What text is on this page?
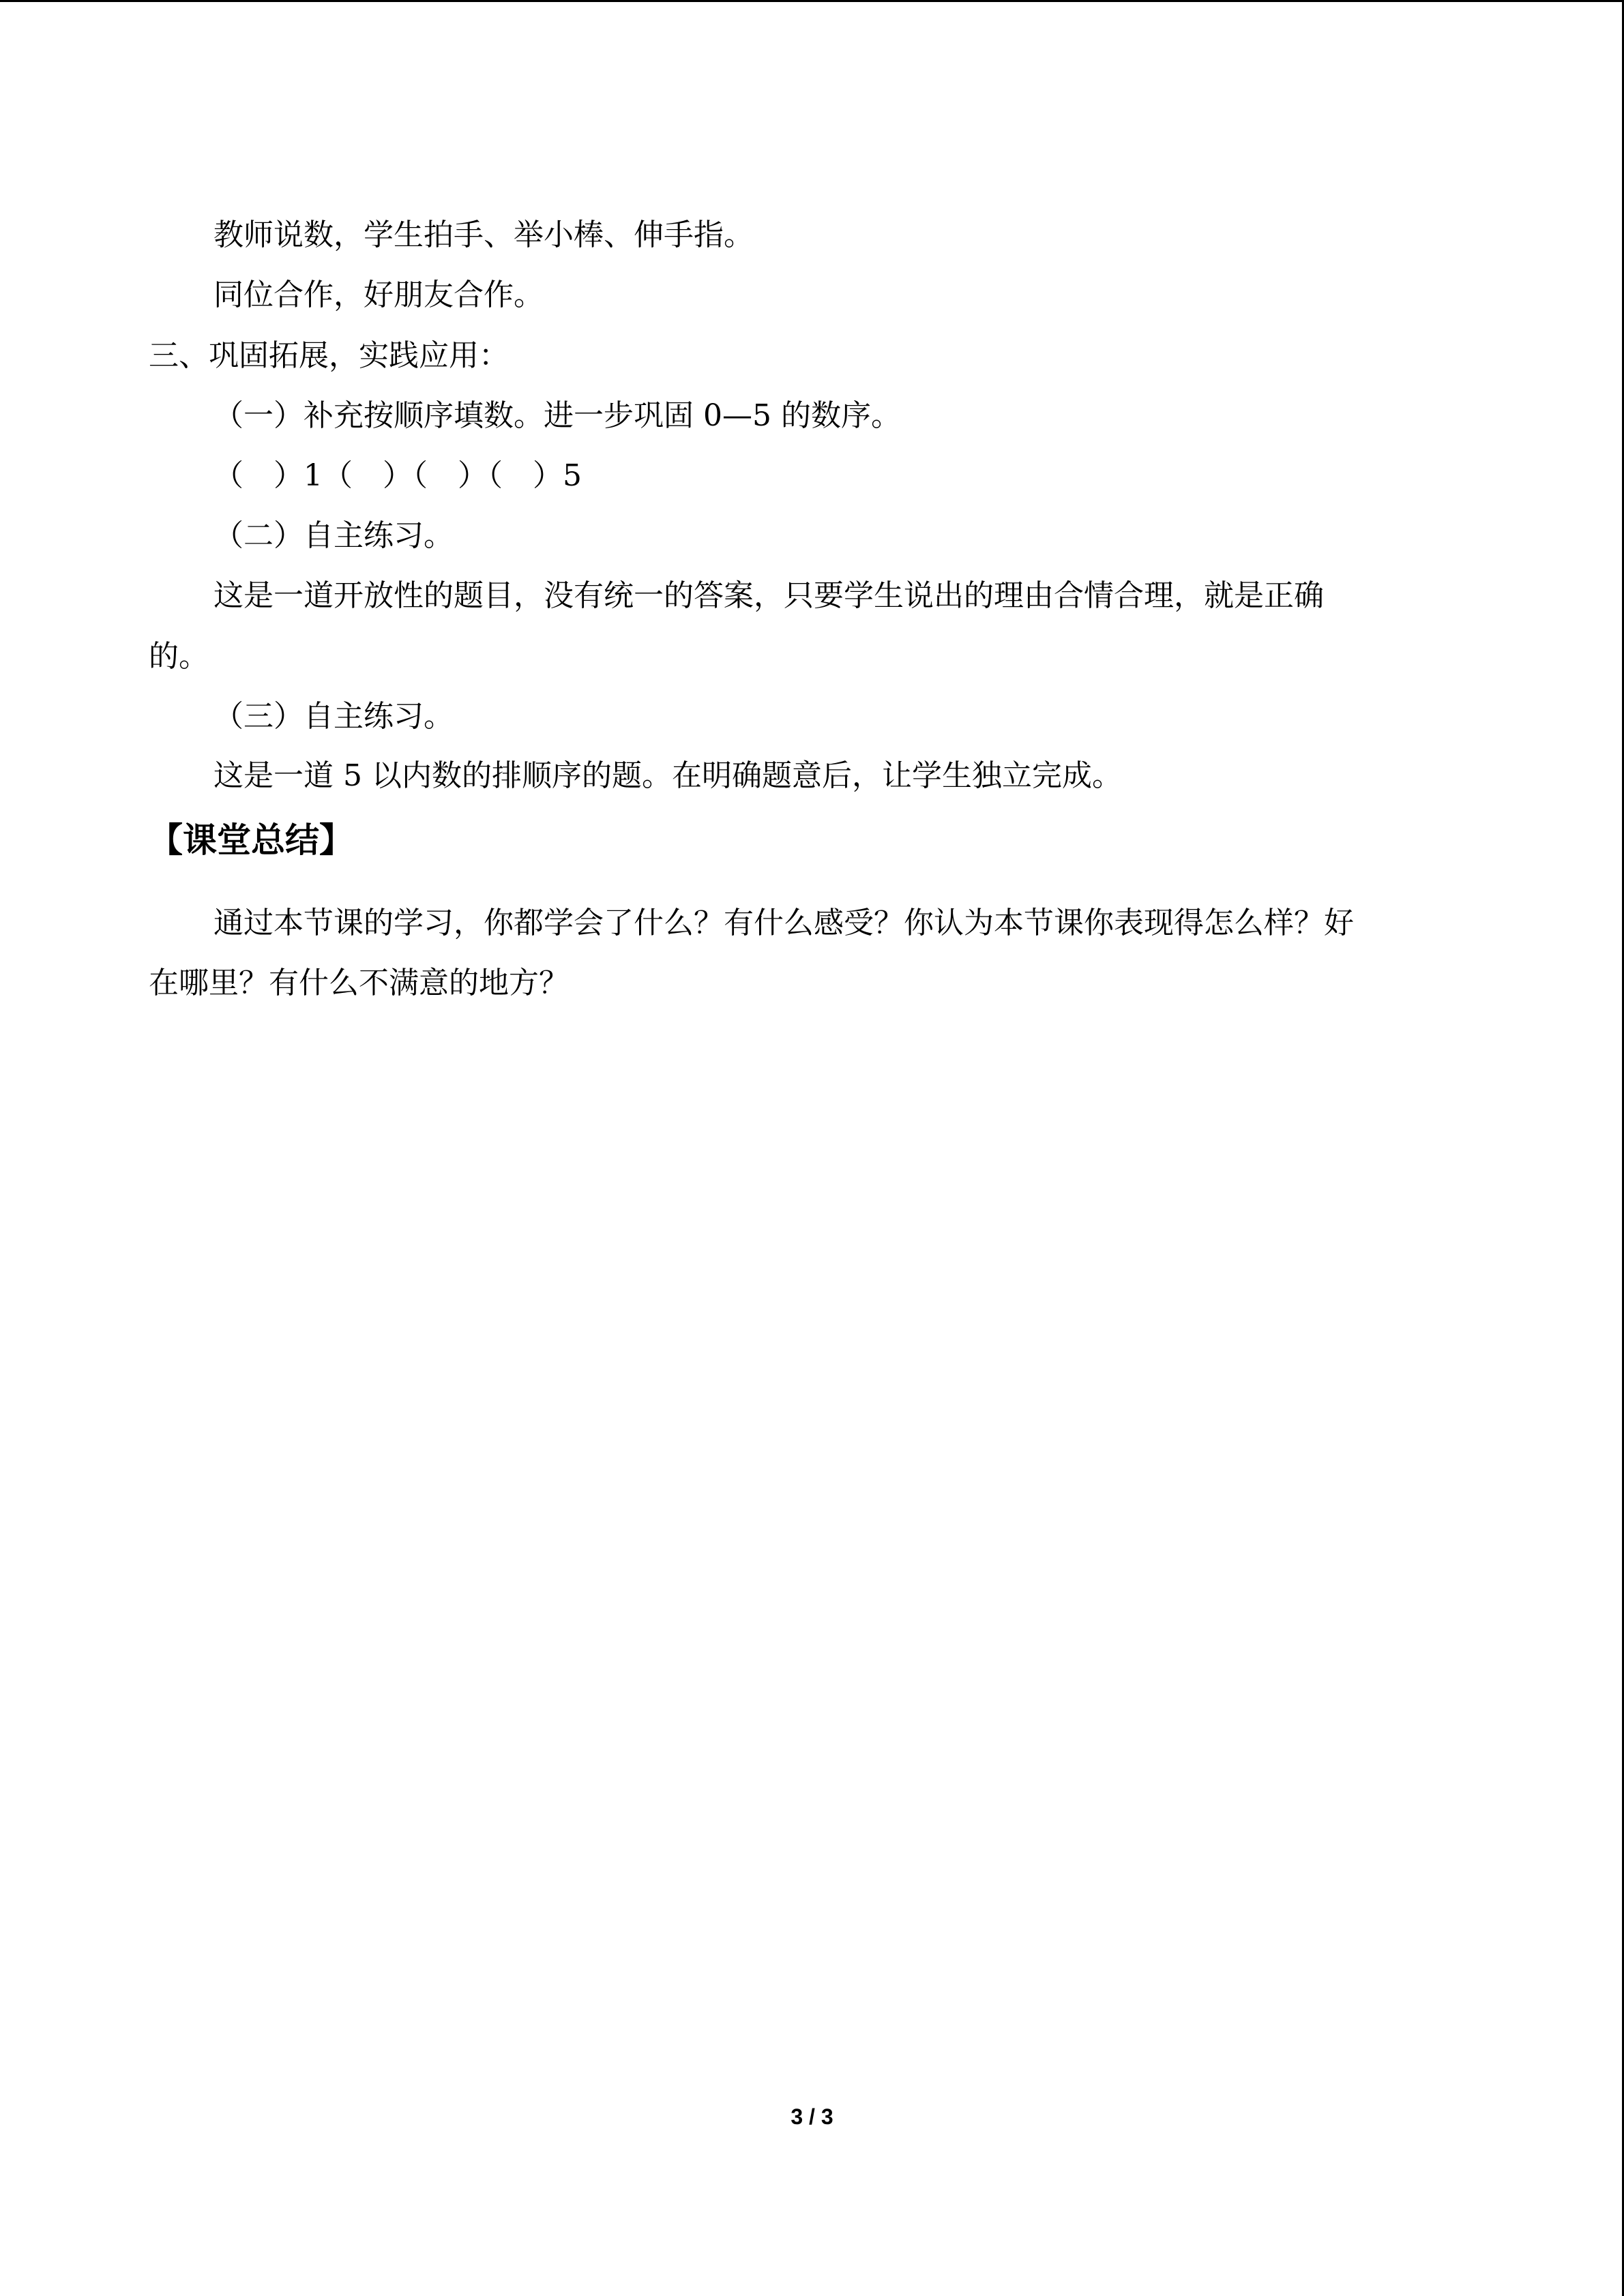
教师说数，学生拍手、举小棒、伸手指。
同位合作，好朋友合作。
三、巩固拓展，实践应用：
（一）补充按顺序填数。进一步巩固 0—5 的数序。
（　）1（　）（　）（　）5
（二）自主练习。
这是一道开放性的题目，没有统一的答案，只要学生说出的理由合情合理，就是正确
的。
（三）自主练习。
这是一道 5 以内数的排顺序的题。在明确题意后，让学生独立完成。
【课堂总结】
通过本节课的学习，你都学会了什么？有什么感受？你认为本节课你表现得怎么样？好
在哪里？有什么不满意的地方？
3 / 3
